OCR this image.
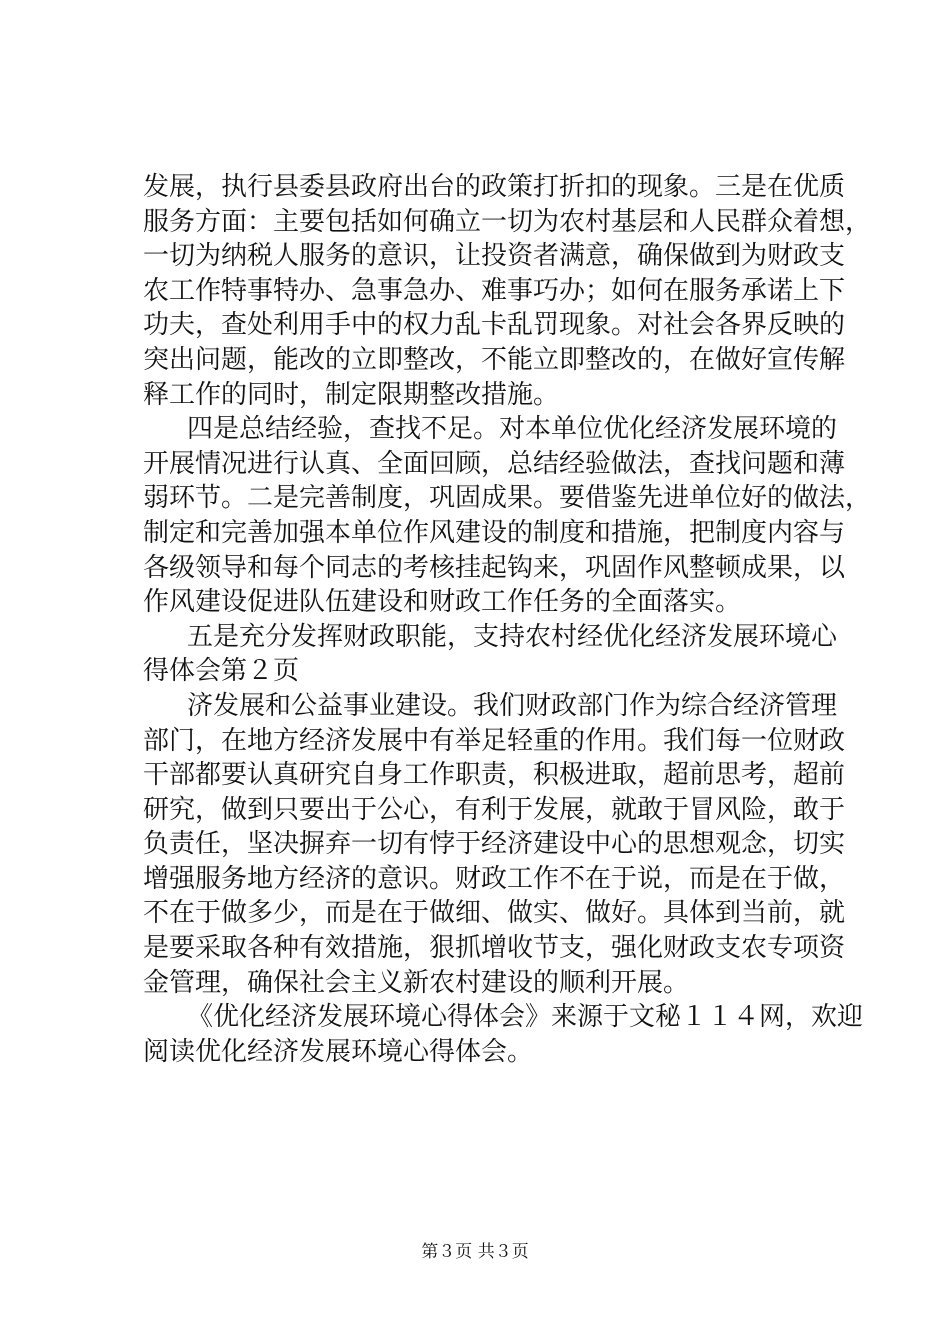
发展，执行县委县政府出台的政策打折扣的现象。三是在优质
服务方面：主要包括如何确立一切为农村基层和人民群众着想，
一切为纳税人服务的意识，让投资者满意，确保做到为财政支
农工作特事特办、急事急办、难事巧办；如何在服务承诺上下
功夫，查处利用手中的权力乱卡乱罚现象。对社会各界反映的
突出问题，能改的立即整改，不能立即整改的，在做好宣传解
释工作的同时，制定限期整改措施。
四是总结经验，查找不足。对本单位优化经济发展环境的
开展情况进行认真、全面回顾，总结经验做法，查找问题和薄
弱环节。二是完善制度，巩固成果。要借鉴先进单位好的做法，
制定和完善加强本单位作风建设的制度和措施，把制度内容与
各级领导和每个同志的考核挂起钩来，巩固作风整顿成果，以
作风建设促进队伍建设和财政工作任务的全面落实。
五是充分发挥财政职能，支持农村经优化经济发展环境心
得体会第２页
济发展和公益事业建设。我们财政部门作为综合经济管理
部门，在地方经济发展中有举足轻重的作用。我们每一位财政
干部都要认真研究自身工作职责，积极进取，超前思考，超前
研究，做到只要出于公心，有利于发展，就敢于冒风险，敢于
负责任，坚决摒弃一切有悖于经济建设中心的思想观念，切实
增强服务地方经济的意识。财政工作不在于说，而是在于做，
不在于做多少，而是在于做细、做实、做好。具体到当前，就
是要采取各种有效措施，狠抓增收节支，强化财政支农专项资
金管理，确保社会主义新农村建设的顺利开展。
《优化经济发展环境心得体会》来源于文秘１１４网，欢迎
阅读优化经济发展环境心得体会。
第３页 共３页
